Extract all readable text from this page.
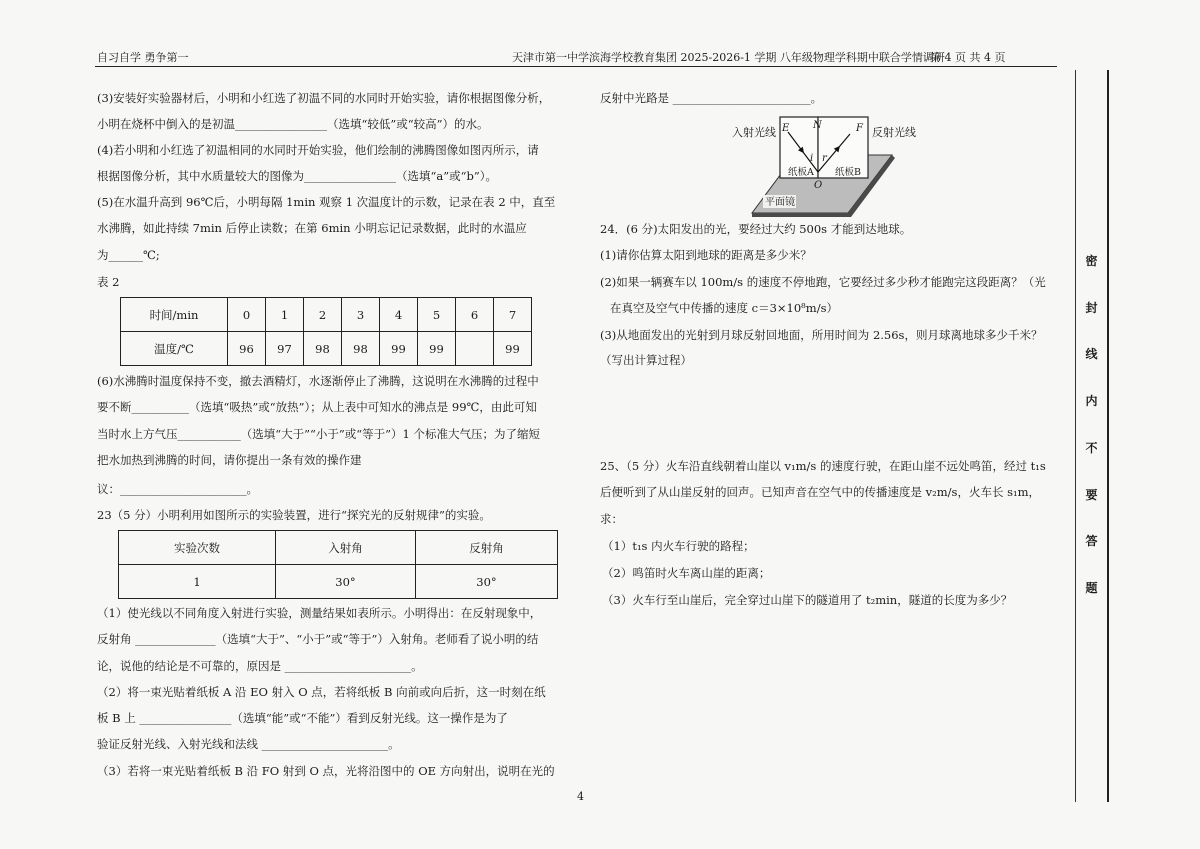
自习自学 勇争第一	天津市第一中学滨海学校教育集团 2025-2026-1 学期 八年级物理学科期中联合学情调研
第 4 页 共 4 页
(3)安装好实验器材后，小明和小红选了初温不同的水同时开始实验，请你根据图像分析，
小明在烧杯中倒入的是初温________________（选填“较低”或“较高”）的水。
(4)若小明和小红选了初温相同的水同时开始实验，他们绘制的沸腾图像如图丙所示，请
根据图像分析，其中水质量较大的图像为________________（选填“a”或“b”）。
(5)在水温升高到 96℃后，小明每隔 1min 观察 1 次温度计的示数，记录在表 2 中，直至
水沸腾，如此持续 7min 后停止读数；在第 6min 小明忘记记录数据，此时的水温应
为______℃;
表 2
时间/min	0	1	2	3	4	5	6	7
温度/℃	96	97	98	98	99	99		99
(6)水沸腾时温度保持不变，撤去酒精灯，水逐渐停止了沸腾，这说明在水沸腾的过程中
要不断__________（选填“吸热”或“放热”）；从上表中可知水的沸点是 99℃，由此可知
当时水上方气压___________（选填“大于”“小于”或“等于”）1 个标准大气压；为了缩短
把水加热到沸腾的时间，请你提出一条有效的操作建
议：______________________。
23（5 分）小明利用如图所示的实验装置，进行“探究光的反射规律”的实验。
实验次数	入射角	反射角
1	30°	30°
（1）使光线以不同角度入射进行实验，测量结果如表所示。小明得出：在反射现象中，
反射角 ______________（选填“大于”、“小于”或“等于”）入射角。老师看了说小明的结
论，说他的结论是不可靠的，原因是 ______________________。
（2）将一束光贴着纸板 A 沿 EO 射入 O 点，若将纸板 B 向前或向后折，这一时刻在纸
板 B 上 ________________（选填“能”或“不能”）看到反射光线。这一操作是为了
验证反射光线、入射光线和法线 ______________________。
（3）若将一束光贴着纸板 B 沿 FO 射到 O 点，光将沿图中的 OE 方向射出，说明在光的
反射中光路是 ________________________。
入射光线	反射光线
E N	F
i r
纸板A 纸板B
O
平面镜
24．(6 分)太阳发出的光，要经过大约 500s 才能到达地球。
(1)请你估算太阳到地球的距离是多少米？
(2)如果一辆赛车以 100m/s 的速度不停地跑，它要经过多少秒才能跑完这段距离？（光
在真空及空气中传播的速度 c＝3×10⁸m/s）
(3)从地面发出的光射到月球反射回地面，所用时间为 2.56s，则月球离地球多少千米？
（写出计算过程）
25、（5 分）火车沿直线朝着山崖以 v₁m/s 的速度行驶，在距山崖不远处鸣笛，经过 t₁s
后便听到了从山崖反射的回声。已知声音在空气中的传播速度是 v₂m/s，火车长 s₁m，
求：
（1）t₁s 内火车行驶的路程；
（2）鸣笛时火车离山崖的距离；
（3）火车行至山崖后，完全穿过山崖下的隧道用了 t₂min，隧道的长度为多少？
密
封
线
内
不
要
答
题
4
